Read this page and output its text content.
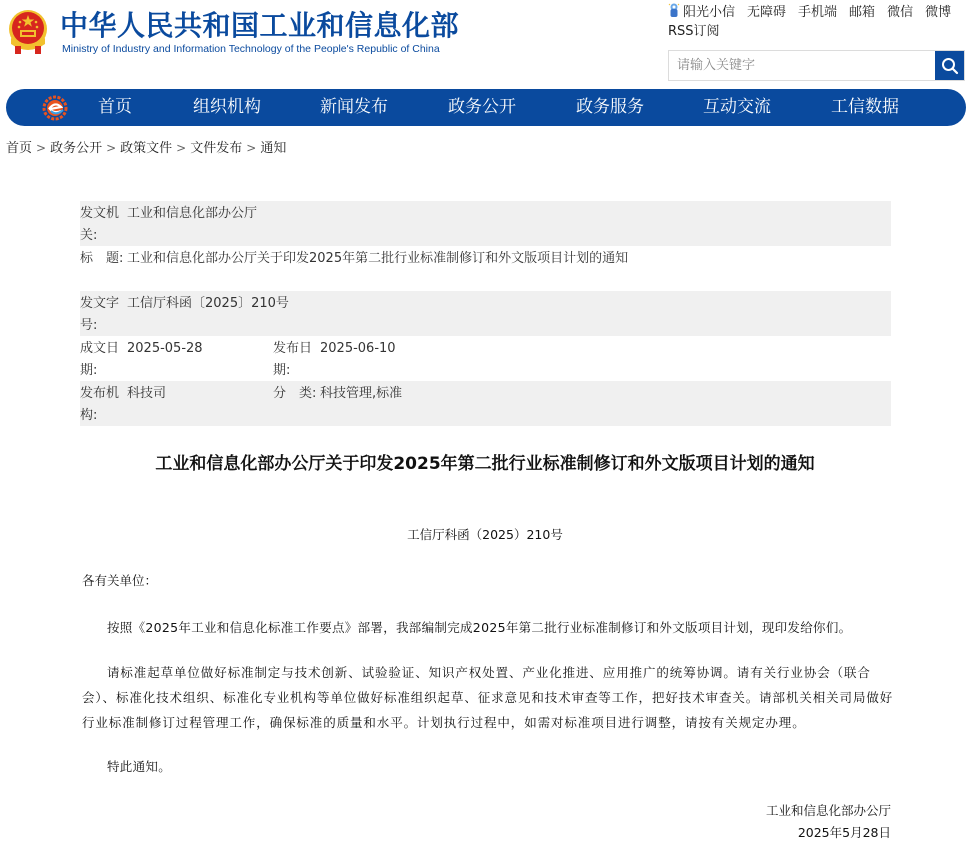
中华人民共和国工业和信息化部
Ministry of Industry and Information Technology of the People's Republic of China
阳光小信 无障碍 手机端 邮箱 微信 微博
RSS订阅
请输入关键字
首页	组织机构	新闻发布	政务公开	政务服务	互动交流	工信数据
首页 > 政务公开 > 政策文件 > 文件发布 > 通知
发文机关:
工业和信息化部办公厅
标　题: 工业和信息化部办公厅关于印发2025年第二批行业标准制修订和外文版项目计划的通知
发文字号:
工信厅科函〔2025〕210号
成文日期:
2025-05-28	发布日期:
2025-06-10
发布机构:
科技司	分　类: 科技管理,标准
工业和信息化部办公厅关于印发2025年第二批行业标准制修订和外文版项目计划的通知
工信厅科函（2025）210号
各有关单位：
按照《2025年工业和信息化标准工作要点》部署，我部编制完成2025年第二批行业标准制修订和外文版项目计划，现印发给你们。
请标准起草单位做好标准制定与技术创新、试验验证、知识产权处置、产业化推进、应用推广的统筹协调。请有关行业协会（联合会）、标准化技术组织、标准化专业机构等单位做好标准组织起草、征求意见和技术审查等工作，把好技术审查关。请部机关相关司局做好行业标准制修订过程管理工作，确保标准的质量和水平。计划执行过程中，如需对标准项目进行调整，请按有关规定办理。
特此通知。
工业和信息化部办公厅
2025年5月28日
